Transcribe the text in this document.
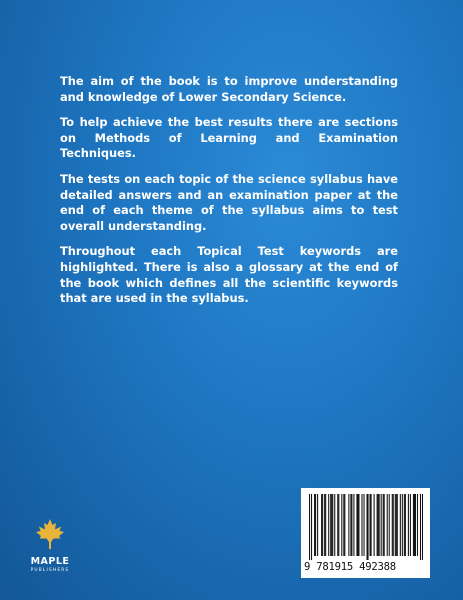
The aim of the book is to improve understanding and knowledge of Lower Secondary Science.

To help achieve the best results there are sections on Methods of Learning and Examination Techniques.

The tests on each topic of the science syllabus have detailed answers and an examination paper at the end of each theme of the syllabus aims to test overall understanding.

Throughout each Topical Test keywords are highlighted. There is also a glossary at the end of the book which defines all the scientific keywords that are used in the syllabus.

MAPLE
PUBLISHERS	9 781915 492388
